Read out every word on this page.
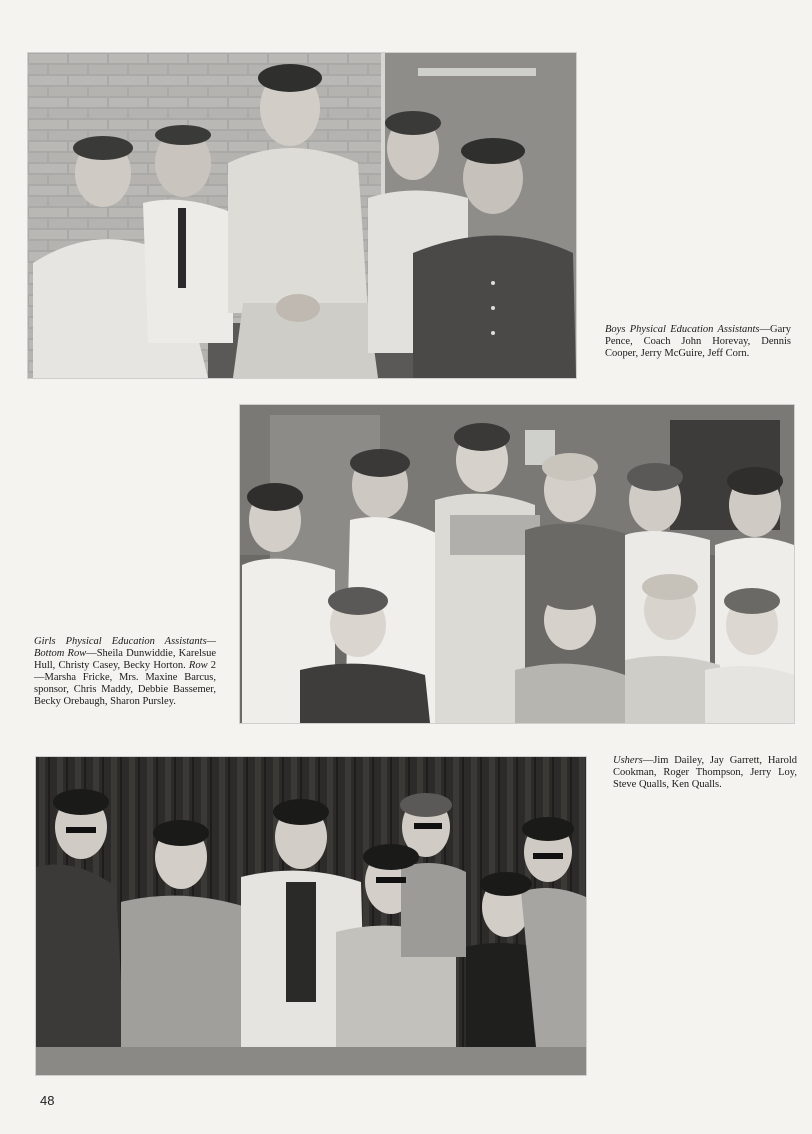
Boys Physical Education Assistants—Gary Pence, Coach John Horevay, Dennis Cooper, Jerry McGuire, Jeff Corn.
Girls Physical Education Assistants—Bottom Row—Sheila Dunwiddie, Karelsue Hull, Christy Casey, Becky Horton. Row 2—Marsha Fricke, Mrs. Maxine Barcus, sponsor, Chris Maddy, Debbie Bassemer, Becky Orebaugh, Sharon Pursley.
Ushers—Jim Dailey, Jay Garrett, Harold Cookman, Roger Thompson, Jerry Loy, Steve Qualls, Ken Qualls.
48
